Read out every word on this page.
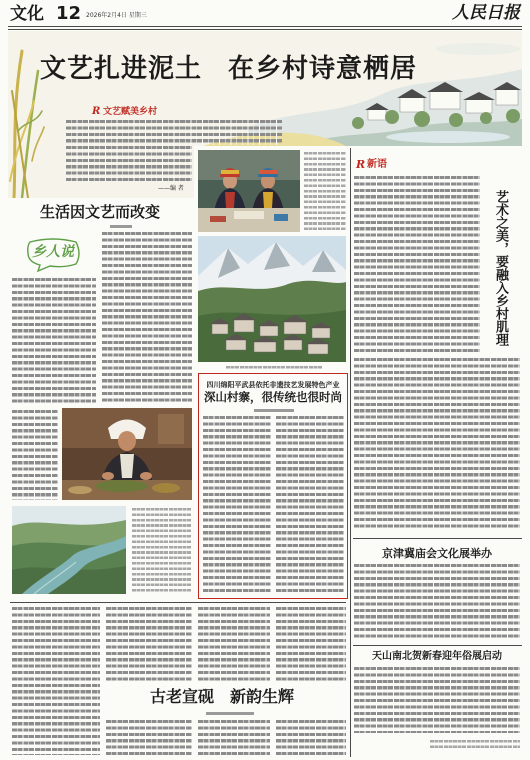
文化 12 2026年2月4日 星期三	人民日报
文艺扎进泥土 在乡村诗意栖居
R 文艺赋美乡村
——编 者
生活因文艺而改变
乡人说
四川绵阳平武县依托非遗技艺发展特色产业
深山村寨，很传统也很时尚
R 新语
艺术之美，要融入乡村肌理
京津冀庙会文化展举办
天山南北贺新春迎年俗展启动
古老宣砚　新韵生辉
